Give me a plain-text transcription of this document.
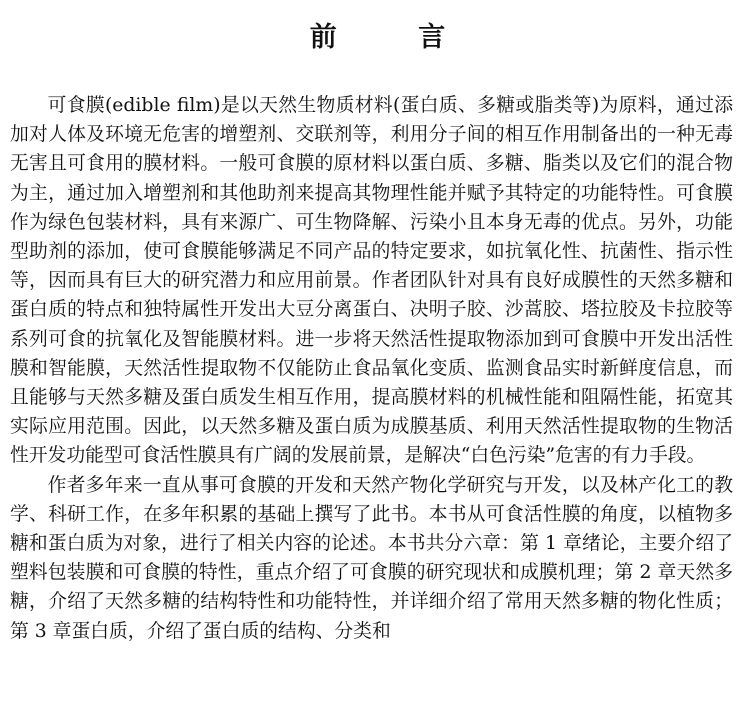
前 言

可食膜(edible film)是以天然生物质材料(蛋白质、多糖或脂类等)为原料，通过添加对人体及环境无危害的增塑剂、交联剂等，利用分子间的相互作用制备出的一种无毒无害且可食用的膜材料。一般可食膜的原材料以蛋白质、多糖、脂类以及它们的混合物为主，通过加入增塑剂和其他助剂来提高其物理性能并赋予其特定的功能特性。可食膜作为绿色包装材料，具有来源广、可生物降解、污染小且本身无毒的优点。另外，功能型助剂的添加，使可食膜能够满足不同产品的特定要求，如抗氧化性、抗菌性、指示性等，因而具有巨大的研究潜力和应用前景。作者团队针对具有良好成膜性的天然多糖和蛋白质的特点和独特属性开发出大豆分离蛋白、决明子胶、沙蒿胶、塔拉胶及卡拉胶等系列可食的抗氧化及智能膜材料。进一步将天然活性提取物添加到可食膜中开发出活性膜和智能膜，天然活性提取物不仅能防止食品氧化变质、监测食品实时新鲜度信息，而且能够与天然多糖及蛋白质发生相互作用，提高膜材料的机械性能和阻隔性能，拓宽其实际应用范围。因此，以天然多糖及蛋白质为成膜基质、利用天然活性提取物的生物活性开发功能型可食活性膜具有广阔的发展前景，是解决“白色污染”危害的有力手段。

作者多年来一直从事可食膜的开发和天然产物化学研究与开发，以及林产化工的教学、科研工作，在多年积累的基础上撰写了此书。本书从可食活性膜的角度，以植物多糖和蛋白质为对象，进行了相关内容的论述。本书共分六章：第 1 章绪论，主要介绍了塑料包装膜和可食膜的特性，重点介绍了可食膜的研究现状和成膜机理；第 2 章天然多糖，介绍了天然多糖的结构特性和功能特性，并详细介绍了常用天然多糖的物化性质；第 3 章蛋白质，介绍了蛋白质的结构、分类和
